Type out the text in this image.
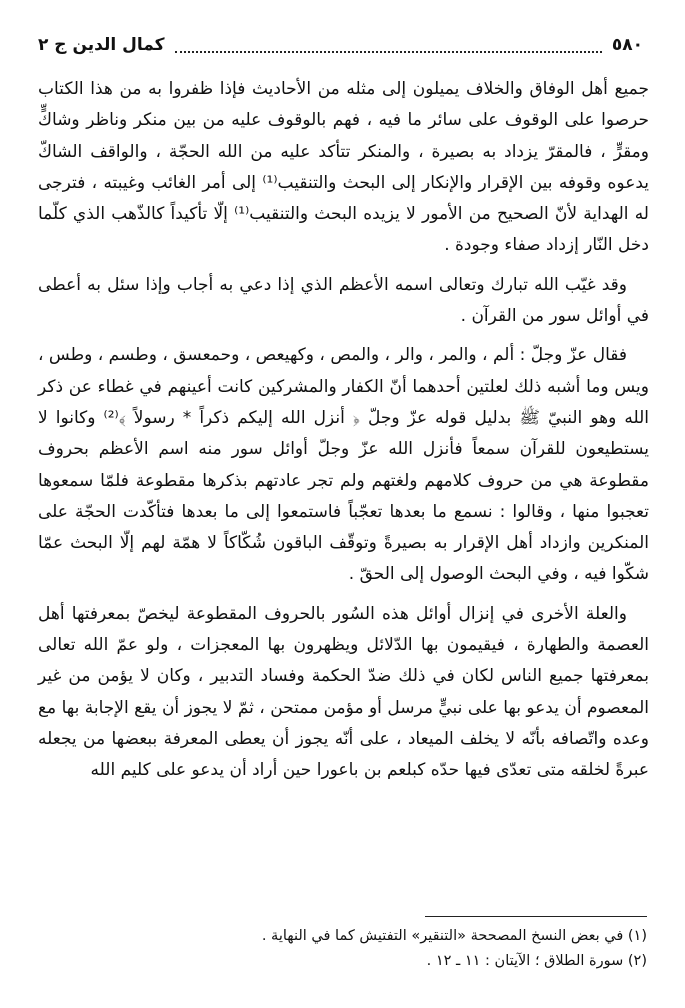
٥٨٠
كمال الدين ج ٢

جميع أهل الوفاق والخلاف يميلون إلى مثله من الأحاديث فإذا ظفروا به من هذا الكتاب حرصوا على الوقوف على سائر ما فيه ، فهم بالوقوف عليه من بين منكر وناظر وشاكٍّ ومقرٍّ ، فالمقرّ يزداد به بصيرة ، والمنكر تتأكد عليه من الله الحجّة ، والواقف الشاكّ يدعوه وقوفه بين الإقرار والإنكار إلى البحث والتنقيب⁽¹⁾ إلى أمر الغائب وغيبته ، فترجى له الهداية لأنّ الصحيح من الأمور لا يزيده البحث والتنقيب⁽¹⁾ إلّا تأكيداً كالذّهب الذي كلّما دخل النّار إزداد صفاء وجودة .

وقد غيّب الله تبارك وتعالى اسمه الأعظم الذي إذا دعي به أجاب وإذا سئل به أعطى في أوائل سور من القرآن .

فقال عزّ وجلّ : ألم ، والمر ، والر ، والمص ، وكهيعص ، وحمعسق ، وطسم ، وطس ، ويس وما أشبه ذلك لعلتين أحدهما أنّ الكفار والمشركين كانت أعينهم في غطاء عن ذكر الله وهو النبيّ ﷺ بدليل قوله عزّ وجلّ ﴿ أنزل الله إليكم ذكراً * رسولاً ﴾⁽²⁾ وكانوا لا يستطيعون للقرآن سمعاً فأنزل الله عزّ وجلّ أوائل سور منه اسم الأعظم بحروف مقطوعة هي من حروف كلامهم ولغتهم ولم تجر عادتهم بذكرها مقطوعة فلمّا سمعوها تعجبوا منها ، وقالوا : نسمع ما بعدها تعجّباً فاستمعوا إلى ما بعدها فتأكّدت الحجّة على المنكرين وازداد أهل الإقرار به بصيرةً وتوقّف الباقون شُكّاكاً لا همّة لهم إلّا البحث عمّا شكّوا فيه ، وفي البحث الوصول إلى الحقّ .

والعلة الأخرى في إنزال أوائل هذه السُور بالحروف المقطوعة ليخصّ بمعرفتها أهل العصمة والطهارة ، فيقيمون بها الدّلائل ويظهرون بها المعجزات ، ولو عمّ الله تعالى بمعرفتها جميع الناس لكان في ذلك ضدّ الحكمة وفساد التدبير ، وكان لا يؤمن من غير المعصوم أن يدعو بها على نبيٍّ مرسل أو مؤمن ممتحن ، ثمّ لا يجوز أن يقع الإجابة بها مع وعده واتّصافه بأنّه لا يخلف الميعاد ، على أنّه يجوز أن يعطى المعرفة ببعضها من يجعله عبرةً لخلقه متى تعدّى فيها حدّه كبلعم بن باعورا حين أراد أن يدعو على كليم الله

(١) في بعض النسخ المصححة «التنقير» التفتيش كما في النهاية .
(٢) سورة الطلاق ؛ الآيتان : ١١ ـ ١٢ .
